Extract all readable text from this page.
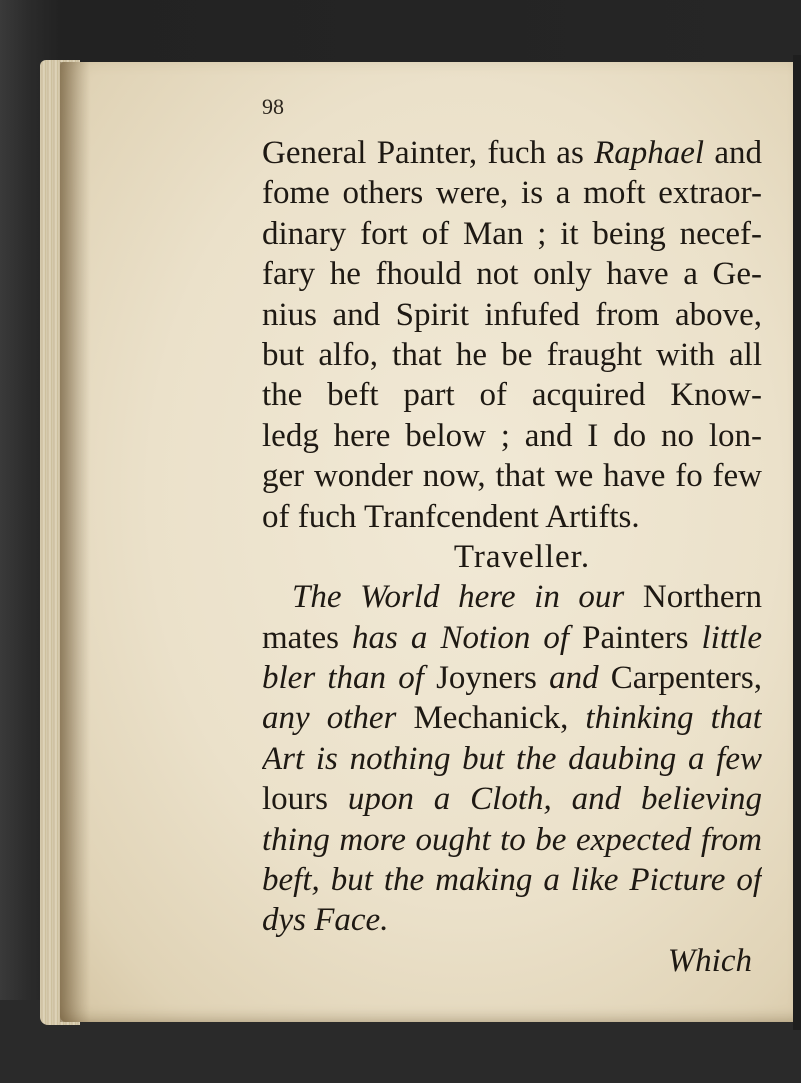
98
General Painter, fuch as Raphael and
fome others were, is a moft extraor-
dinary fort of Man ; it being necef-
fary he fhould not only have a Ge-
nius and Spirit infufed from above,
but alfo, that he be fraught with all
the beft part of acquired Know-
ledg here below ; and I do no lon-
ger wonder now, that we have fo few
of fuch Tranfcendent Artifts.
Traveller.
The World here in our Northern
mates has a Notion of Painters little
bler than of Joyners and Carpenters,
any other Mechanick, thinking that
Art is nothing but the daubing a few
lours upon a Cloth, and believing
thing more ought to be expected from
beft, but the making a like Picture of
dys Face.
Which
